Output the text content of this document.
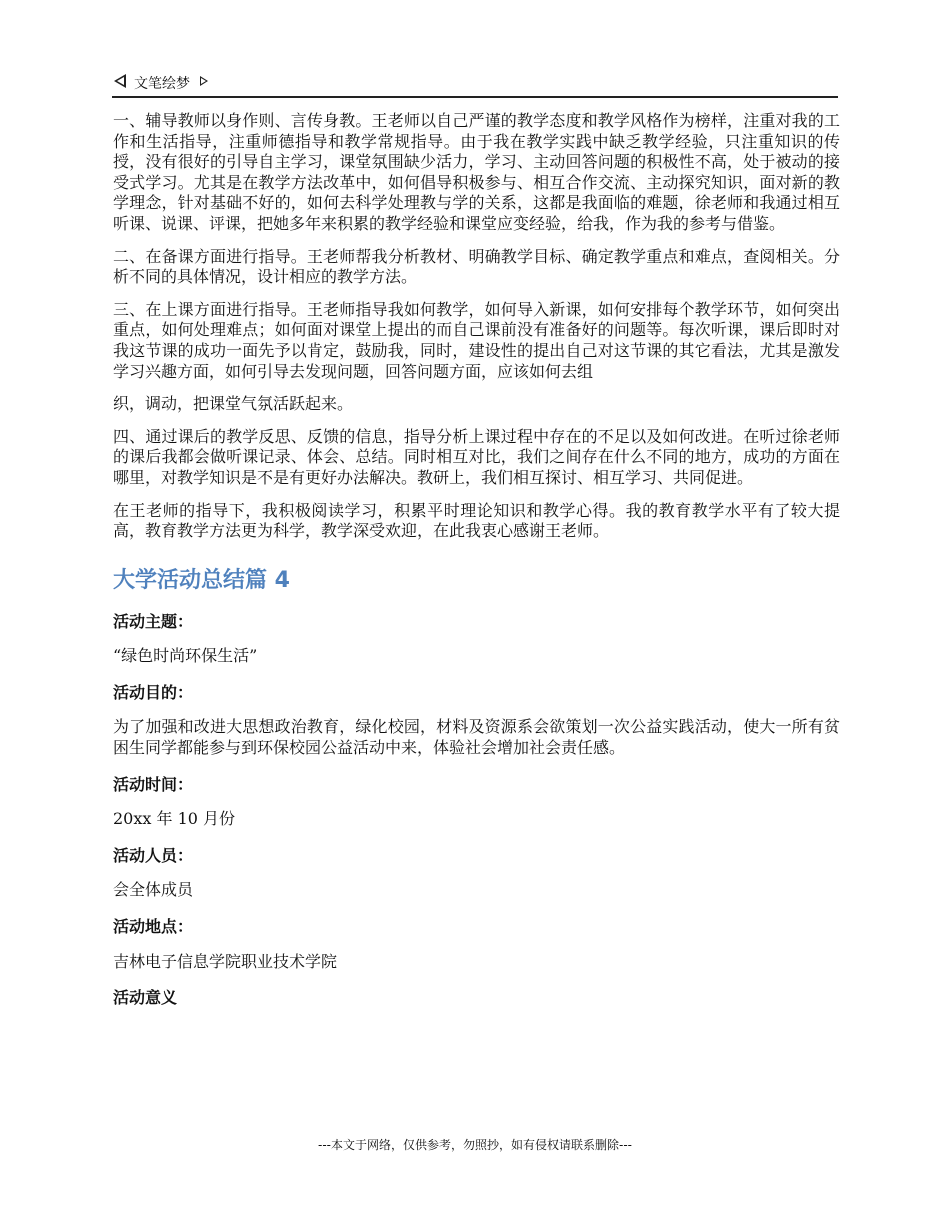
文笔绘梦

一、辅导教师以身作则、言传身教。王老师以自己严谨的教学态度和教学风格作为榜样，注重对我的工作和生活指导，注重师德指导和教学常规指导。由于我在教学实践中缺乏教学经验，只注重知识的传授，没有很好的引导自主学习，课堂氛围缺少活力，学习、主动回答问题的积极性不高，处于被动的接受式学习。尤其是在教学方法改革中，如何倡导积极参与、相互合作交流、主动探究知识，面对新的教学理念，针对基础不好的，如何去科学处理教与学的关系，这都是我面临的难题，徐老师和我通过相互听课、说课、评课，把她多年来积累的教学经验和课堂应变经验，给我，作为我的参考与借鉴。

二、在备课方面进行指导。王老师帮我分析教材、明确教学目标、确定教学重点和难点，查阅相关。分析不同的具体情况，设计相应的教学方法。

三、在上课方面进行指导。王老师指导我如何教学，如何导入新课，如何安排每个教学环节，如何突出重点，如何处理难点；如何面对课堂上提出的而自己课前没有准备好的问题等。每次听课，课后即时对我这节课的成功一面先予以肯定，鼓励我，同时，建设性的提出自己对这节课的其它看法，尤其是激发学习兴趣方面，如何引导去发现问题，回答问题方面，应该如何去组

织，调动，把课堂气氛活跃起来。

四、通过课后的教学反思、反馈的信息，指导分析上课过程中存在的不足以及如何改进。在听过徐老师的课后我都会做听课记录、体会、总结。同时相互对比，我们之间存在什么不同的地方，成功的方面在哪里，对教学知识是不是有更好办法解决。教研上，我们相互探讨、相互学习、共同促进。

在王老师的指导下，我积极阅读学习，积累平时理论知识和教学心得。我的教育教学水平有了较大提高，教育教学方法更为科学，教学深受欢迎，在此我衷心感谢王老师。

大学活动总结篇 4
活动主题：
“绿色时尚环保生活”
活动目的：
为了加强和改进大思想政治教育，绿化校园，材料及资源系会欲策划一次公益实践活动，使大一所有贫困生同学都能参与到环保校园公益活动中来，体验社会增加社会责任感。
活动时间：
20xx 年 10 月份
活动人员：
会全体成员
活动地点：
吉林电子信息学院职业技术学院
活动意义
---本文于网络，仅供参考，勿照抄，如有侵权请联系删除---
